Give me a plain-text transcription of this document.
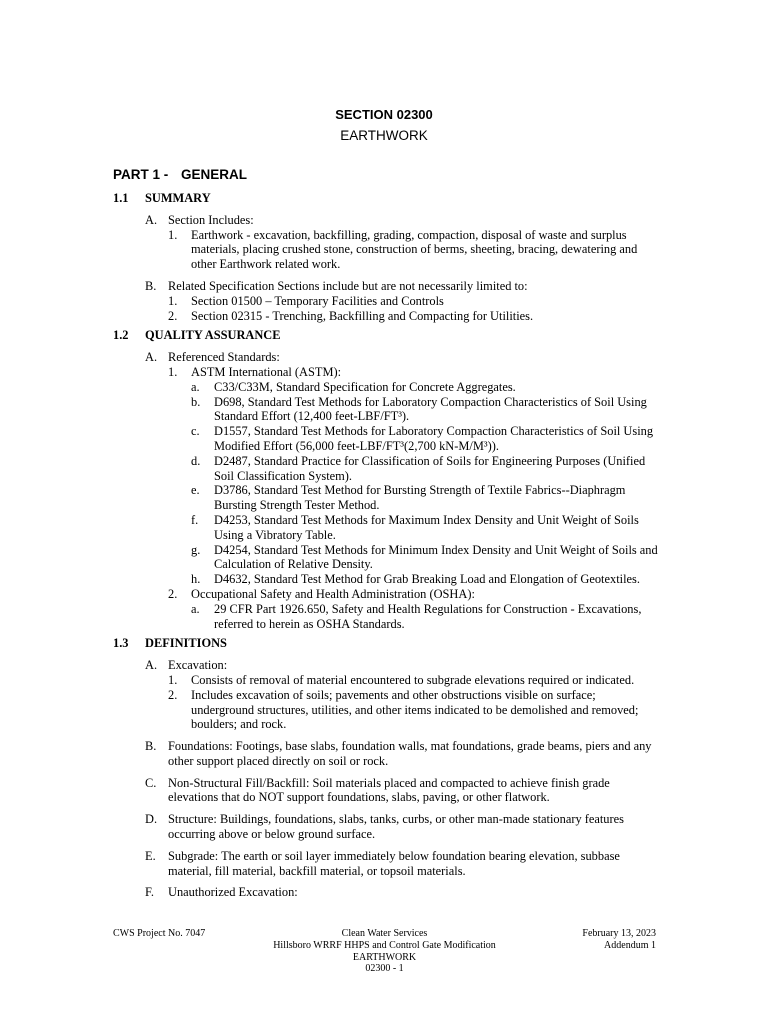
SECTION 02300
EARTHWORK
PART 1 - GENERAL
1.1	SUMMARY
A. Section Includes:
1.	Earthwork - excavation, backfilling, grading, compaction, disposal of waste and surplus materials, placing crushed stone, construction of berms, sheeting, bracing, dewatering and other Earthwork related work.
B. Related Specification Sections include but are not necessarily limited to:
1.	Section 01500 – Temporary Facilities and Controls
2.	Section 02315 - Trenching, Backfilling and Compacting for Utilities.
1.2	QUALITY ASSURANCE
A. Referenced Standards:
1.	ASTM International (ASTM):
a.	C33/C33M, Standard Specification for Concrete Aggregates.
b.	D698, Standard Test Methods for Laboratory Compaction Characteristics of Soil Using Standard Effort (12,400 feet-LBF/FT³).
c.	D1557, Standard Test Methods for Laboratory Compaction Characteristics of Soil Using Modified Effort (56,000 feet-LBF/FT³(2,700 kN-M/M³)).
d.	D2487, Standard Practice for Classification of Soils for Engineering Purposes (Unified Soil Classification System).
e.	D3786, Standard Test Method for Bursting Strength of Textile Fabrics--Diaphragm Bursting Strength Tester Method.
f.	D4253, Standard Test Methods for Maximum Index Density and Unit Weight of Soils Using a Vibratory Table.
g.	D4254, Standard Test Methods for Minimum Index Density and Unit Weight of Soils and Calculation of Relative Density.
h.	D4632, Standard Test Method for Grab Breaking Load and Elongation of Geotextiles.
2.	Occupational Safety and Health Administration (OSHA):
a.	29 CFR Part 1926.650, Safety and Health Regulations for Construction - Excavations, referred to herein as OSHA Standards.
1.3	DEFINITIONS
A. Excavation:
1.	Consists of removal of material encountered to subgrade elevations required or indicated.
2.	Includes excavation of soils; pavements and other obstructions visible on surface; underground structures, utilities, and other items indicated to be demolished and removed; boulders; and rock.
B. Foundations: Footings, base slabs, foundation walls, mat foundations, grade beams, piers and any other support placed directly on soil or rock.
C. Non-Structural Fill/Backfill: Soil materials placed and compacted to achieve finish grade elevations that do NOT support foundations, slabs, paving, or other flatwork.
D. Structure: Buildings, foundations, slabs, tanks, curbs, or other man-made stationary features occurring above or below ground surface.
E. Subgrade: The earth or soil layer immediately below foundation bearing elevation, subbase material, fill material, backfill material, or topsoil materials.
F.	Unauthorized Excavation:
CWS Project No. 7047	Clean Water Services
Hillsboro WRRF HHPS and Control Gate Modification
EARTHWORK
02300 - 1
February 13, 2023
Addendum 1
